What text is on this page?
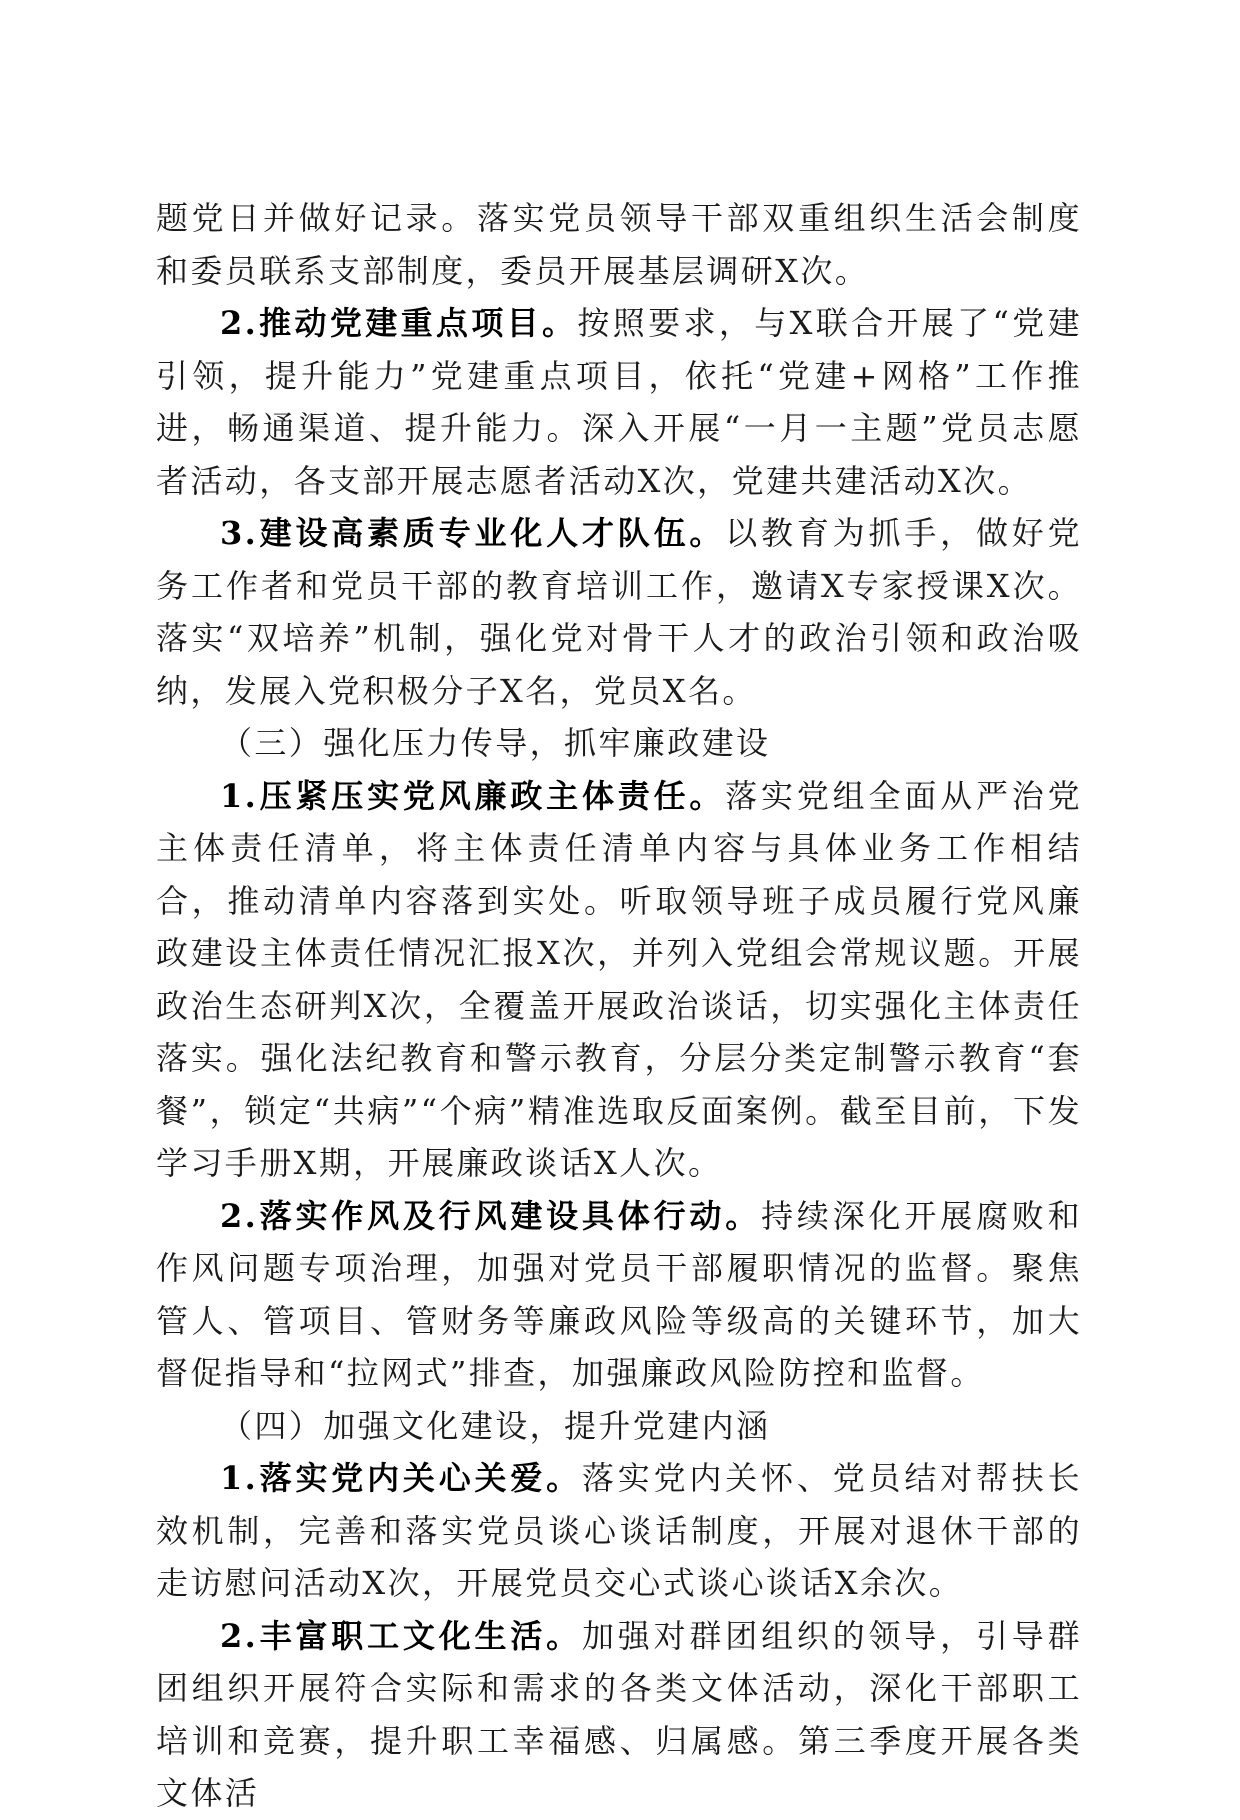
题党日并做好记录。落实党员领导干部双重组织生活会制度和委员联系支部制度，委员开展基层调研X次。

2.推动党建重点项目。按照要求，与X联合开展了“党建引领，提升能力”党建重点项目，依托“党建+网格”工作推进，畅通渠道、提升能力。深入开展“一月一主题”党员志愿者活动，各支部开展志愿者活动X次，党建共建活动X次。

3.建设高素质专业化人才队伍。以教育为抓手，做好党务工作者和党员干部的教育培训工作，邀请X专家授课X次。落实“双培养”机制，强化党对骨干人才的政治引领和政治吸纳，发展入党积极分子X名，党员X名。

（三）强化压力传导，抓牢廉政建设

1.压紧压实党风廉政主体责任。落实党组全面从严治党主体责任清单，将主体责任清单内容与具体业务工作相结合，推动清单内容落到实处。听取领导班子成员履行党风廉政建设主体责任情况汇报X次，并列入党组会常规议题。开展政治生态研判X次，全覆盖开展政治谈话，切实强化主体责任落实。强化法纪教育和警示教育，分层分类定制警示教育“套餐”，锁定“共病”“个病”精准选取反面案例。截至目前，下发学习手册X期，开展廉政谈话X人次。

2.落实作风及行风建设具体行动。持续深化开展腐败和作风问题专项治理，加强对党员干部履职情况的监督。聚焦管人、管项目、管财务等廉政风险等级高的关键环节，加大督促指导和“拉网式”排查，加强廉政风险防控和监督。

（四）加强文化建设，提升党建内涵

1.落实党内关心关爱。落实党内关怀、党员结对帮扶长效机制，完善和落实党员谈心谈话制度，开展对退休干部的走访慰问活动X次，开展党员交心式谈心谈话X余次。

2.丰富职工文化生活。加强对群团组织的领导，引导群团组织开展符合实际和需求的各类文体活动，深化干部职工培训和竞赛，提升职工幸福感、归属感。第三季度开展各类文体活
